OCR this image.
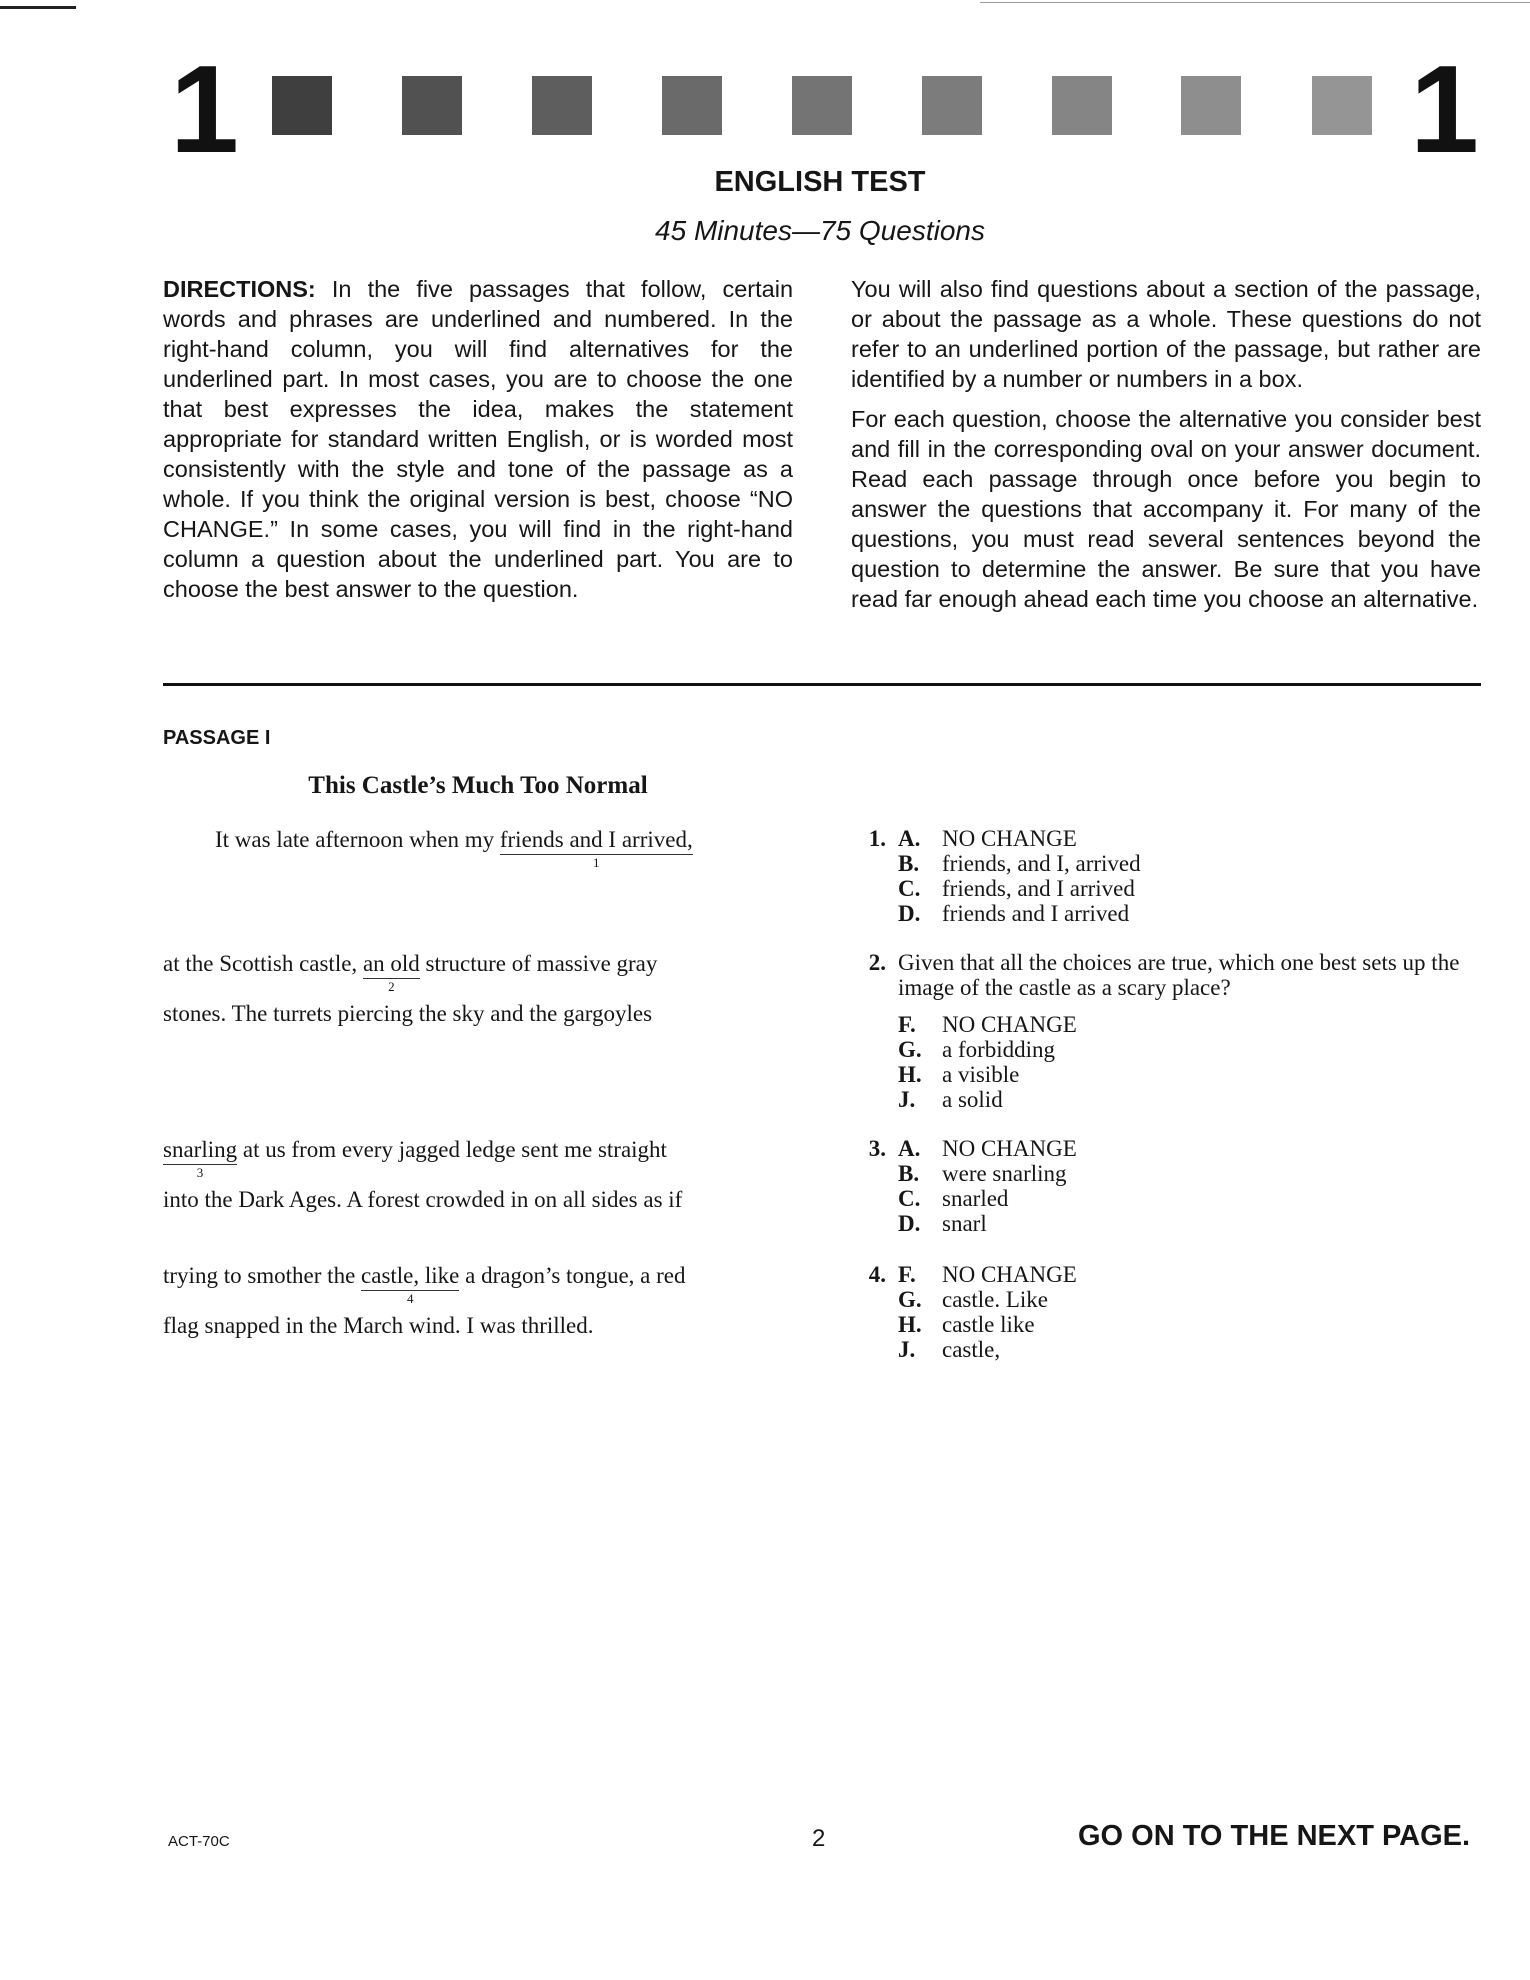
1	1
ENGLISH TEST
45 Minutes—75 Questions

DIRECTIONS: In the five passages that follow, certain words and phrases are underlined and numbered. In the right-hand column, you will find alternatives for the underlined part. In most cases, you are to choose the one that best expresses the idea, makes the statement appropriate for standard written English, or is worded most consistently with the style and tone of the passage as a whole. If you think the original version is best, choose “NO CHANGE.” In some cases, you will find in the right-hand column a question about the underlined part. You are to choose the best answer to the question.

You will also find questions about a section of the passage, or about the passage as a whole. These questions do not refer to an underlined portion of the passage, but rather are identified by a number or numbers in a box.

For each question, choose the alternative you consider best and fill in the corresponding oval on your answer document. Read each passage through once before you begin to answer the questions that accompany it. For many of the questions, you must read several sentences beyond the question to determine the answer. Be sure that you have read far enough ahead each time you choose an alternative.

PASSAGE I
This Castle’s Much Too Normal
It was late afternoon when my friends and I arrived,
1
at the Scottish castle, an old
2
structure of massive gray
stones. The turrets piercing the sky and the gargoyles
snarling
3
at us from every jagged ledge sent me straight
into the Dark Ages. A forest crowded in on all sides as if
trying to smother the castle, like
4
a dragon’s tongue, a red
flag snapped in the March wind. I was thrilled.
1. A. NO CHANGE
B. friends, and I, arrived
C. friends, and I arrived
D. friends and I arrived
2. Given that all the choices are true, which one best sets up the image of the castle as a scary place?
F. NO CHANGE
G. a forbidding
H. a visible
J. a solid
3. A. NO CHANGE
B. were snarling
C. snarled
D. snarl
4. F. NO CHANGE
G. castle. Like
H. castle like
J. castle,
ACT-70C	2	GO ON TO THE NEXT PAGE.
